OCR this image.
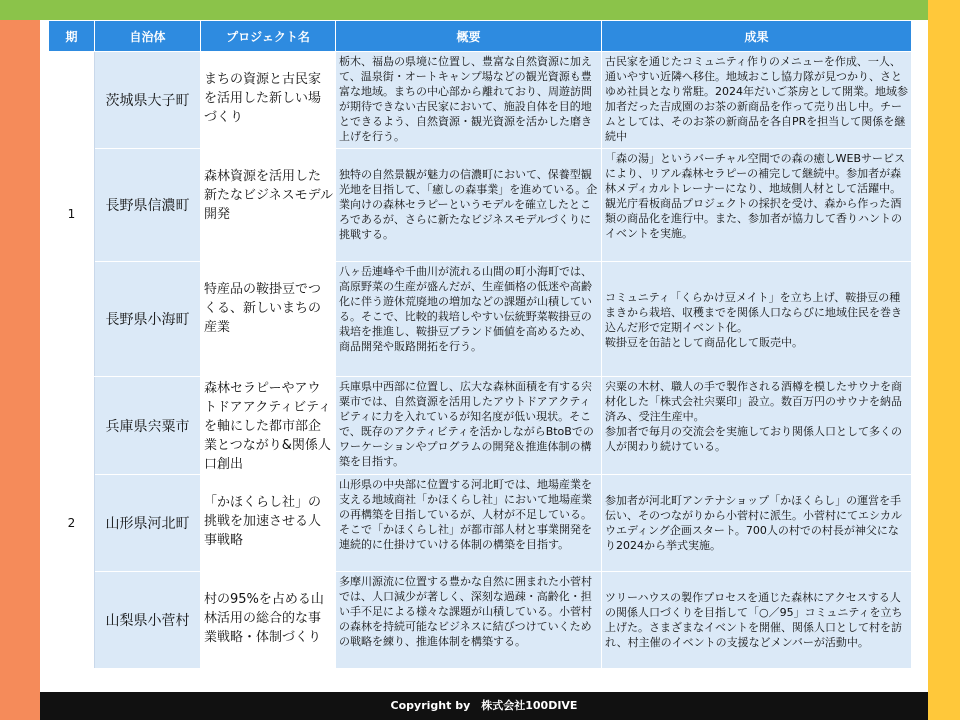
期	自治体	プロジェクト名	概要	成果
1	茨城県大子町	まちの資源と古民家を活用した新しい場づくり	栃木、福島の県境に位置し、豊富な自然資源に加えて、温泉街・オートキャンプ場などの観光資源も豊富な地域。まちの中心部から離れており、周遊訪問が期待できない古民家において、施設自体を目的地とできるよう、自然資源・観光資源を活かした磨き上げを行う。	古民家を通じたコミュニティ作りのメニューを作成、一人、通いやすい近隣へ移住。地域おこし協力隊が見つかり、さとゆめ社員となり常駐。2024年だいご茶房として開業。地域参加者だった吉成園のお茶の新商品を作って売り出し中。チームとしては、そのお茶の新商品を各自PRを担当して関係を継続中
	長野県信濃町	森林資源を活用した新たなビジネスモデル開発	独特の自然景観が魅力の信濃町において、保養型観光地を目指して、「癒しの森事業」を進めている。企業向けの森林セラピーというモデルを確立したところであるが、さらに新たなビジネスモデルづくりに挑戦する。	「森の湯」というバーチャル空間での森の癒しWEBサービスにより、リアル森林セラピーの補完して継続中。参加者が森林メディカルトレーナーになり、地域側人材として活躍中。
観光庁看板商品プロジェクトの採択を受け、森から作った酒類の商品化を進行中。また、参加者が協力して香りハントのイベントを実施。
	長野県小海町	特産品の鞍掛豆でつくる、新しいまちの産業	八ヶ岳連峰や千曲川が流れる山間の町小海町では、高原野菜の生産が盛んだが、生産価格の低迷や高齢化に伴う遊休荒廃地の増加などの課題が山積している。そこで、比較的栽培しやすい伝統野菜鞍掛豆の栽培を推進し、鞍掛豆ブランド価値を高めるため、商品開発や販路開拓を行う。	コミュニティ「くらかけ豆メイト」を立ち上げ、鞍掛豆の種まきから栽培、収穫までを関係人口ならびに地域住民を巻き込んだ形で定期イベント化。
鞍掛豆を缶詰として商品化して販売中。
2	兵庫県宍粟市	森林セラピーやアウトドアアクティビティを軸にした都市部企業とつながり&関係人口創出	兵庫県中西部に位置し、広大な森林面積を有する宍粟市では、自然資源を活用したアウトドアアクティビティに力を入れているが知名度が低い現状。そこで、既存のアクティビティを活かしながらBtoBでのワーケーションやプログラムの開発＆推進体制の構築を目指す。	宍粟の木材、職人の手で製作される酒樽を模したサウナを商材化した「株式会社宍粟印」設立。数百万円のサウナを納品済み、受注生産中。
参加者で毎月の交流会を実施しており関係人口として多くの人が関わり続けている。
	山形県河北町	「かほくらし社」の挑戦を加速させる人事戦略	山形県の中央部に位置する河北町では、地場産業を支える地域商社「かほくらし社」において地場産業の再構築を目指しているが、人材が不足している。そこで「かほくらし社」が都市部人材と事業開発を連続的に仕掛けていける体制の構築を目指す。	参加者が河北町アンテナショップ「かほくらし」の運営を手伝い、そのつながりから小菅村に派生。小菅村にてエシカルウエディング企画スタート。700人の村での村長が神父になり2024から挙式実施。
	山梨県小菅村	村の95%を占める山林活用の総合的な事業戦略・体制づくり	多摩川源流に位置する豊かな自然に囲まれた小菅村では、人口減少が著しく、深刻な過疎・高齢化・担い手不足による様々な課題が山積している。小菅村の森林を持続可能なビジネスに結びつけていくための戦略を練り、推進体制を構築する。	ツリーハウスの製作プロセスを通じた森林にアクセスする人の関係人口づくりを目指して「○／95」コミュニティを立ち上げた。さまざまなイベントを開催、関係人口として村を訪れ、村主催のイベントの支援などメンバーが活動中。
Copyright by　株式会社100DIVE
